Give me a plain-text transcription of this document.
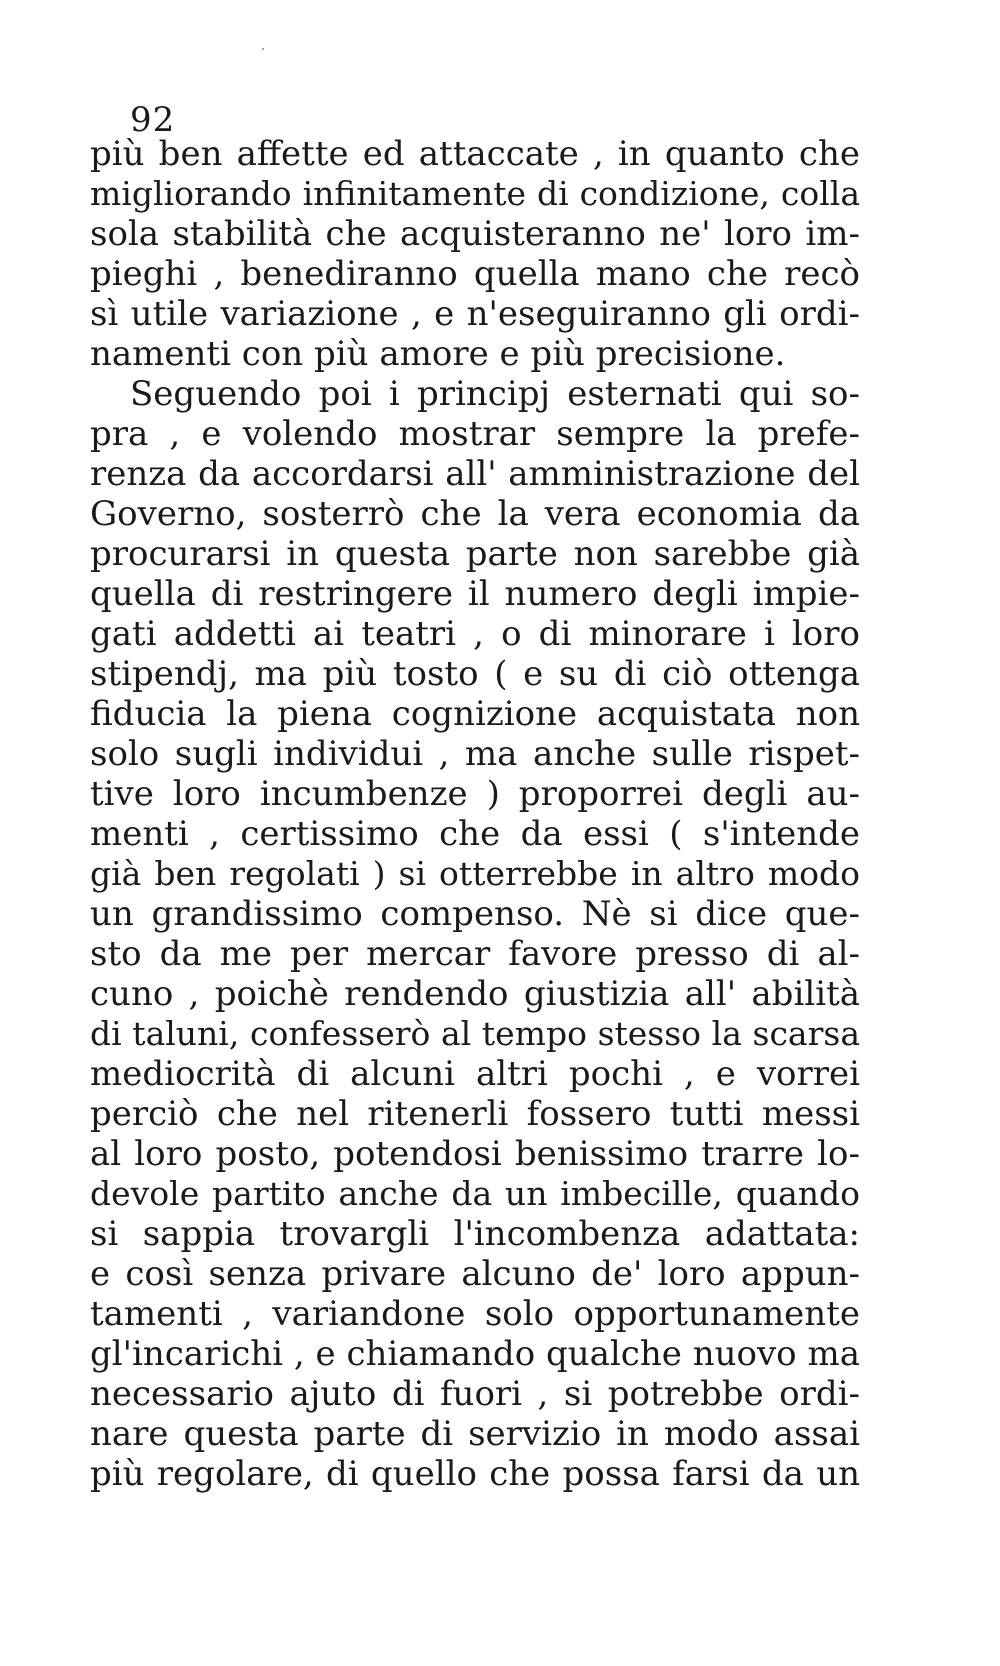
92
più ben affette ed attaccate , in quanto che
migliorando infinitamente di condizione, colla
sola stabilità che acquisteranno ne' loro im-
pieghi , benediranno quella mano che recò
sì utile variazione , e n'eseguiranno gli ordi-
namenti con più amore e più precisione.
Seguendo poi i principj esternati qui so-
pra , e volendo mostrar sempre la prefe-
renza da accordarsi all' amministrazione del
Governo, sosterrò che la vera economia da
procurarsi in questa parte non sarebbe già
quella di restringere il numero degli impie-
gati addetti ai teatri , o di minorare i loro
stipendj, ma più tosto ( e su di ciò ottenga
fiducia la piena cognizione acquistata non
solo sugli individui , ma anche sulle rispet-
tive loro incumbenze ) proporrei degli au-
menti , certissimo che da essi ( s'intende
già ben regolati ) si otterrebbe in altro modo
un grandissimo compenso. Nè si dice que-
sto da me per mercar favore presso di al-
cuno , poichè rendendo giustizia all' abilità
di taluni, confesserò al tempo stesso la scarsa
mediocrità di alcuni altri pochi , e vorrei
perciò che nel ritenerli fossero tutti messi
al loro posto, potendosi benissimo trarre lo-
devole partito anche da un imbecille, quando
si sappia trovargli l'incombenza adattata:
e così senza privare alcuno de' loro appun-
tamenti , variandone solo opportunamente
gl'incarichi , e chiamando qualche nuovo ma
necessario ajuto di fuori , si potrebbe ordi-
nare questa parte di servizio in modo assai
più regolare, di quello che possa farsi da un
